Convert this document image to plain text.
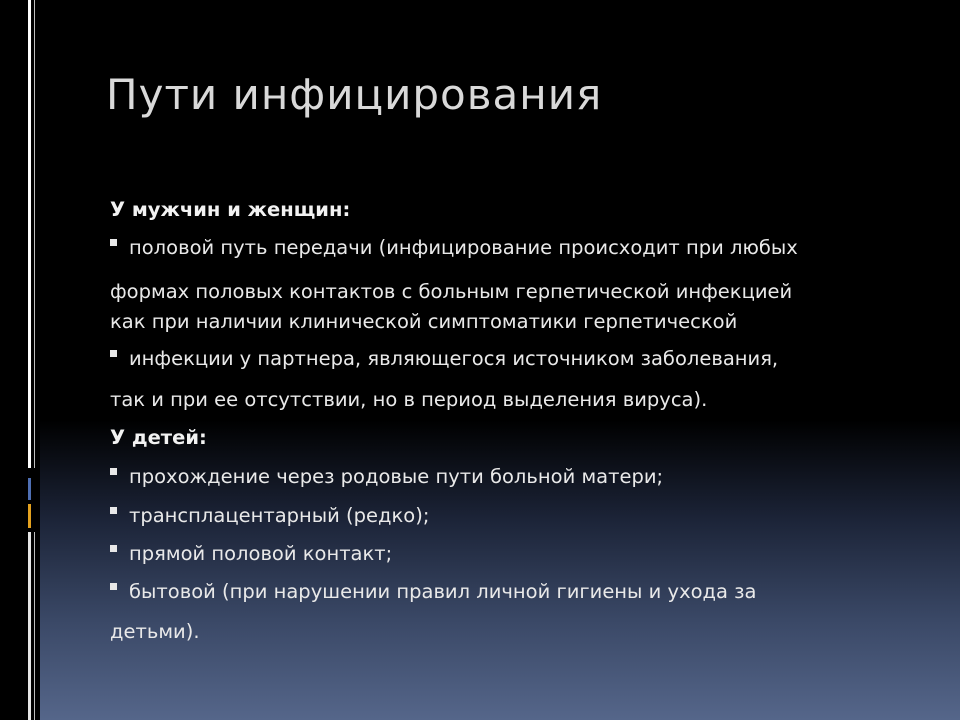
Пути инфицирования
У мужчин и женщин:
половой путь передачи (инфицирование происходит при любых
формах половых контактов с больным герпетической инфекцией
как при наличии клинической симптоматики герпетической
инфекции у партнера, являющегося источником заболевания,
так и при ее отсутствии, но в период выделения вируса).
У детей:
прохождение через родовые пути больной матери;
трансплацентарный (редко);
прямой половой контакт;
бытовой (при нарушении правил личной гигиены и ухода за
детьми).
